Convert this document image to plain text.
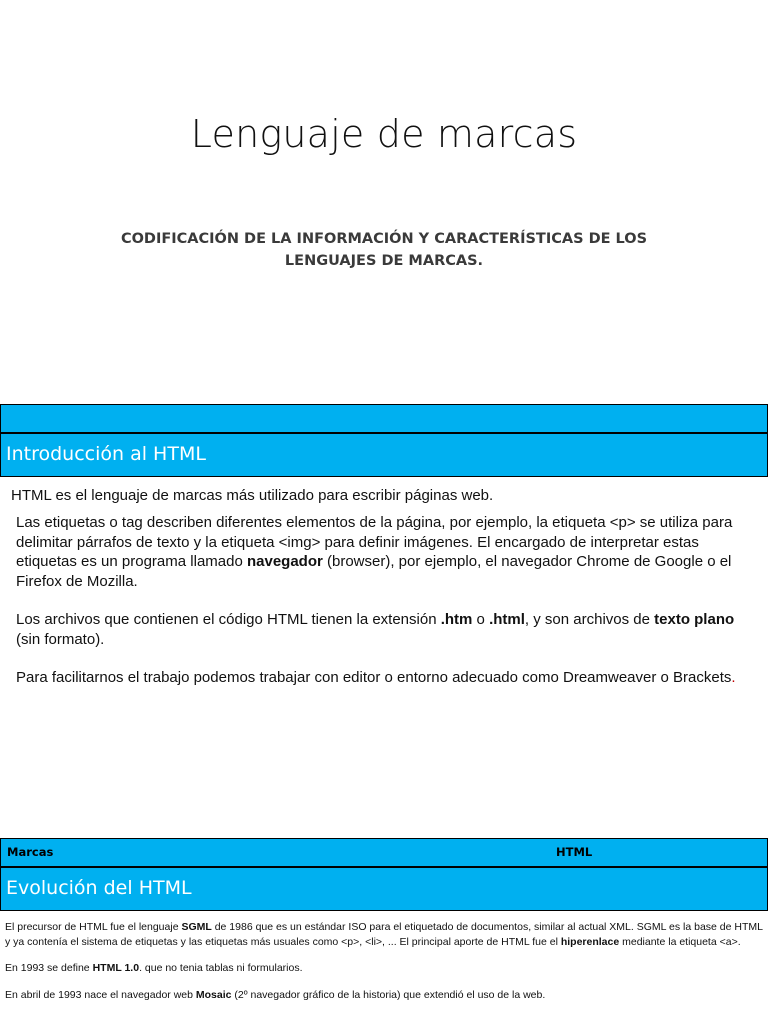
Lenguaje de marcas
CODIFICACIÓN DE LA INFORMACIÓN Y CARACTERÍSTICAS DE LOS
LENGUAJES DE MARCAS.
Introducción al HTML
HTML es el lenguaje de marcas más utilizado para escribir páginas web.

Las etiquetas o tag describen diferentes elementos de la página, por ejemplo, la etiqueta <p> se utiliza para delimitar párrafos de texto y la etiqueta <img> para definir imágenes. El encargado de interpretar estas etiquetas es un programa llamado navegador (browser), por ejemplo, el navegador Chrome de Google o el Firefox de Mozilla.

Los archivos que contienen el código HTML tienen la extensión .htm o .html, y son archivos de texto plano (sin formato).

Para facilitarnos el trabajo podemos trabajar con editor o entorno adecuado como Dreamweaver o Brackets.

Marcas	HTML
Evolución del HTML

El precursor de HTML fue el lenguaje SGML de 1986 que es un estándar ISO para el etiquetado de documentos, similar al actual XML. SGML es la base de HTML y ya contenía el sistema de etiquetas y las etiquetas más usuales como <p>, <li>, ... El principal aporte de HTML fue el hiperenlace mediante la etiqueta <a>.

En 1993 se define HTML 1.0. que no tenia tablas ni formularios.

En abril de 1993 nace el navegador web Mosaic (2º navegador gráfico de la historia) que extendió el uso de la web.
